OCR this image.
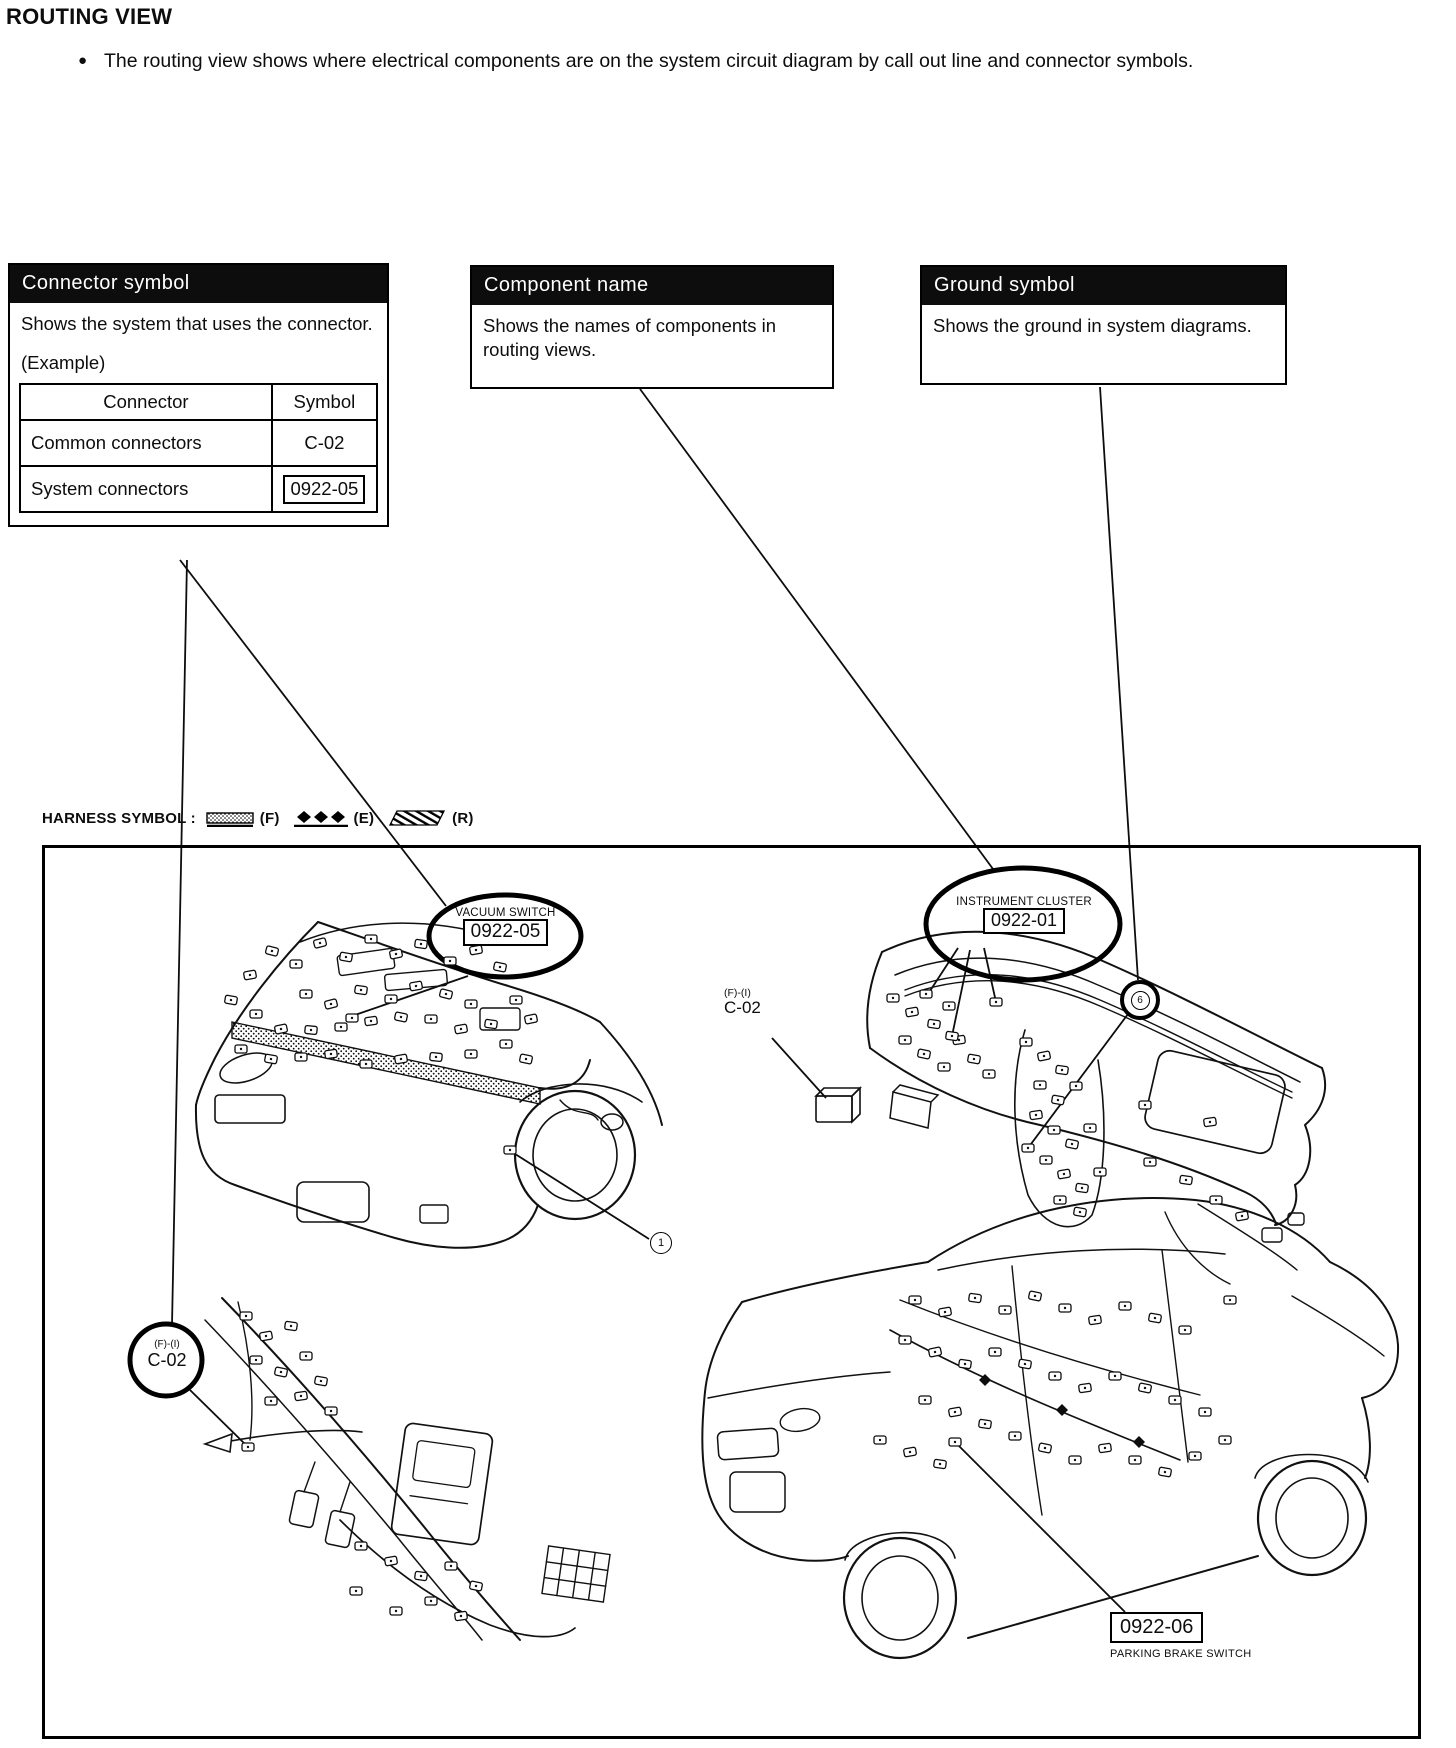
ROUTING VIEW
● The routing view shows where electrical components are on the system circuit diagram by call out line and connector symbols.
Connector symbol
Shows the system that uses the connector.
(Example)
Connector	Symbol
Common connectors	C-02
System connectors	0922-05
Component name
Shows the names of components in routing views.
Ground symbol
Shows the ground in system diagrams.
HARNESS SYMBOL :	(F)	(E)	(R)
VACUUM SWITCH
0922-05
INSTRUMENT CLUSTER
0922-01
(F)-(I)
C-02
(F)-(I)
C-02
6
1
0922-06
PARKING BRAKE SWITCH
